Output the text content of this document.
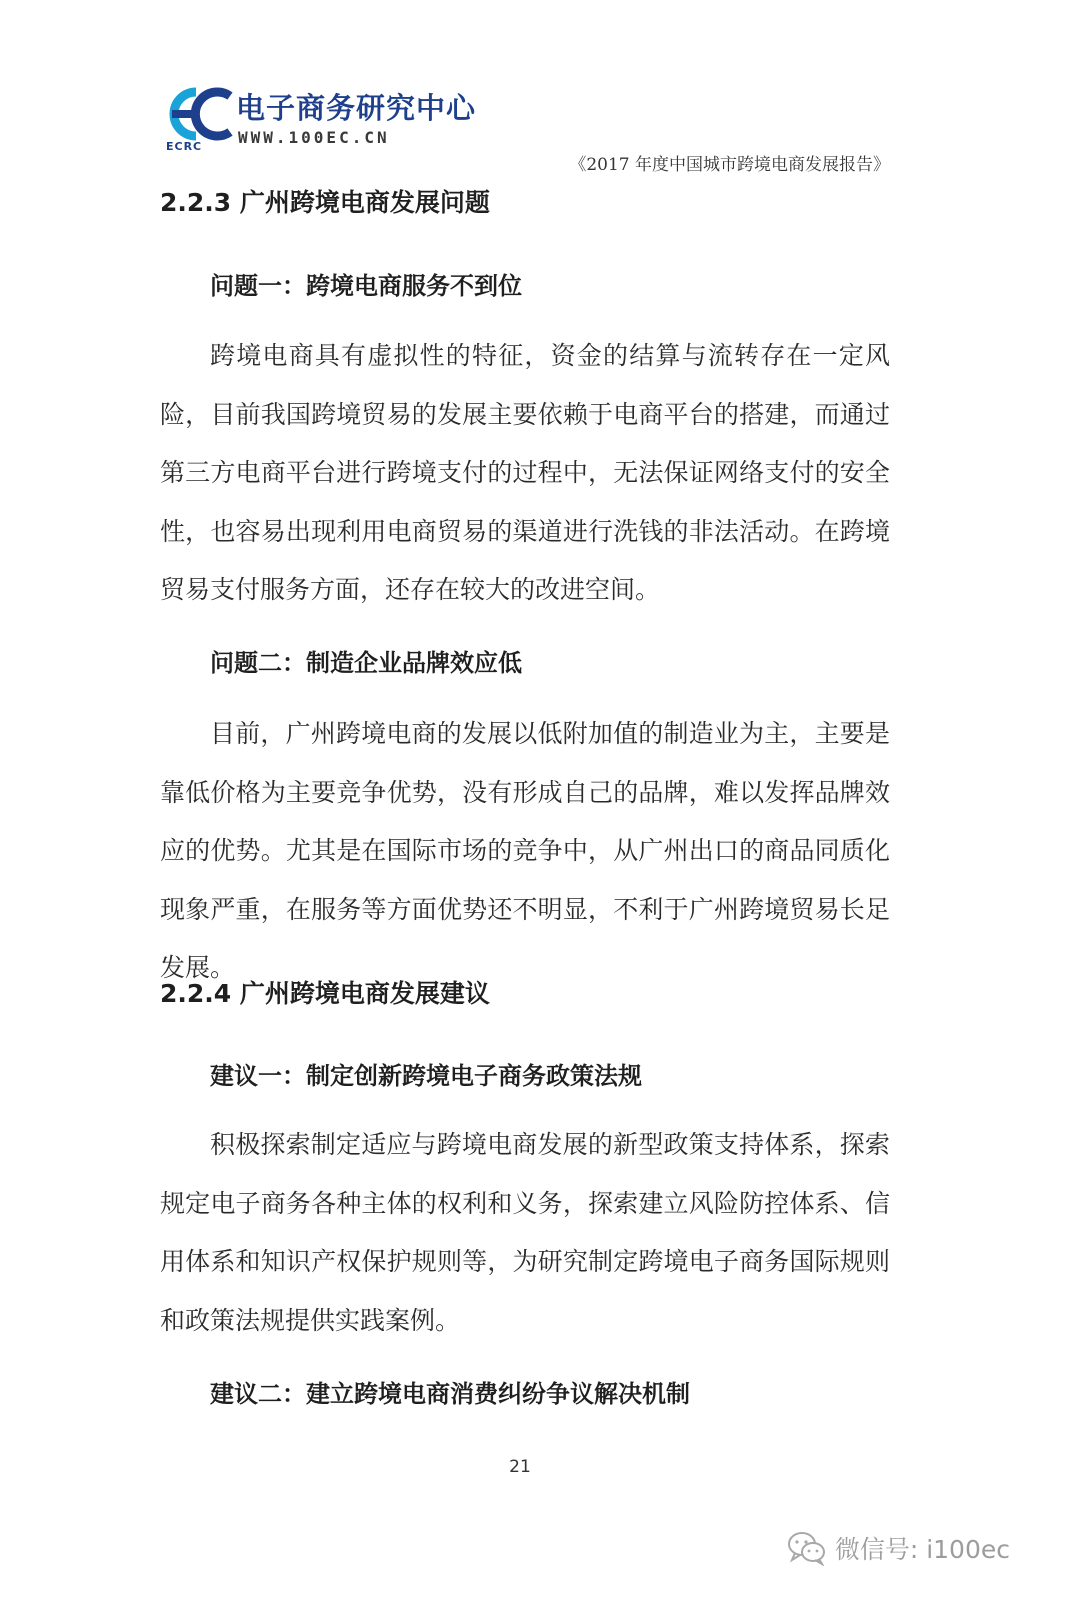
ECRC
电子商务研究中心
WWW.100EC.CN
《2017 年度中国城市跨境电商发展报告》
2.2.3 广州跨境电商发展问题
问题一：跨境电商服务不到位

跨境电商具有虚拟性的特征，资金的结算与流转存在一定风险，目前我国跨境贸易的发展主要依赖于电商平台的搭建，而通过第三方电商平台进行跨境支付的过程中，无法保证网络支付的安全性，也容易出现利用电商贸易的渠道进行洗钱的非法活动。在跨境贸易支付服务方面，还存在较大的改进空间。

问题二：制造企业品牌效应低

目前，广州跨境电商的发展以低附加值的制造业为主，主要是靠低价格为主要竞争优势，没有形成自己的品牌，难以发挥品牌效应的优势。尤其是在国际市场的竞争中，从广州出口的商品同质化现象严重，在服务等方面优势还不明显，不利于广州跨境贸易长足发展。

2.2.4 广州跨境电商发展建议
建议一：制定创新跨境电子商务政策法规

积极探索制定适应与跨境电商发展的新型政策支持体系，探索规定电子商务各种主体的权利和义务，探索建立风险防控体系、信用体系和知识产权保护规则等，为研究制定跨境电子商务国际规则和政策法规提供实践案例。

建议二：建立跨境电商消费纠纷争议解决机制
21
微信号: i100ec
